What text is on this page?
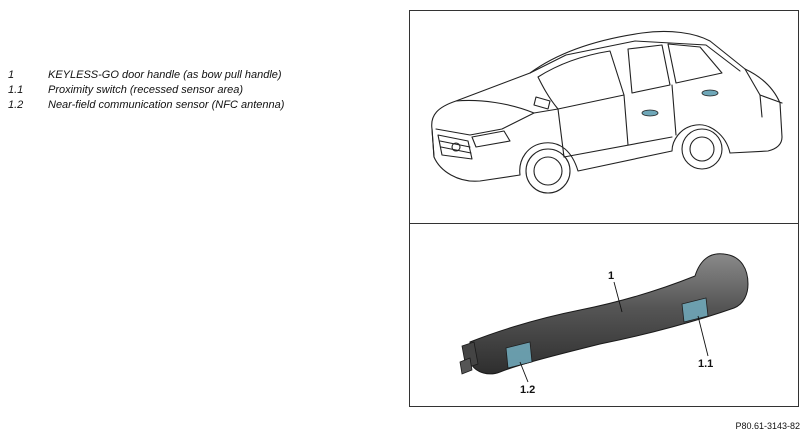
1	KEYLESS-GO door handle (as bow pull handle)
1.1	Proximity switch (recessed sensor area)
1.2	Near-field communication sensor (NFC antenna)
1
1.1
1.2
P80.61-3143-82
